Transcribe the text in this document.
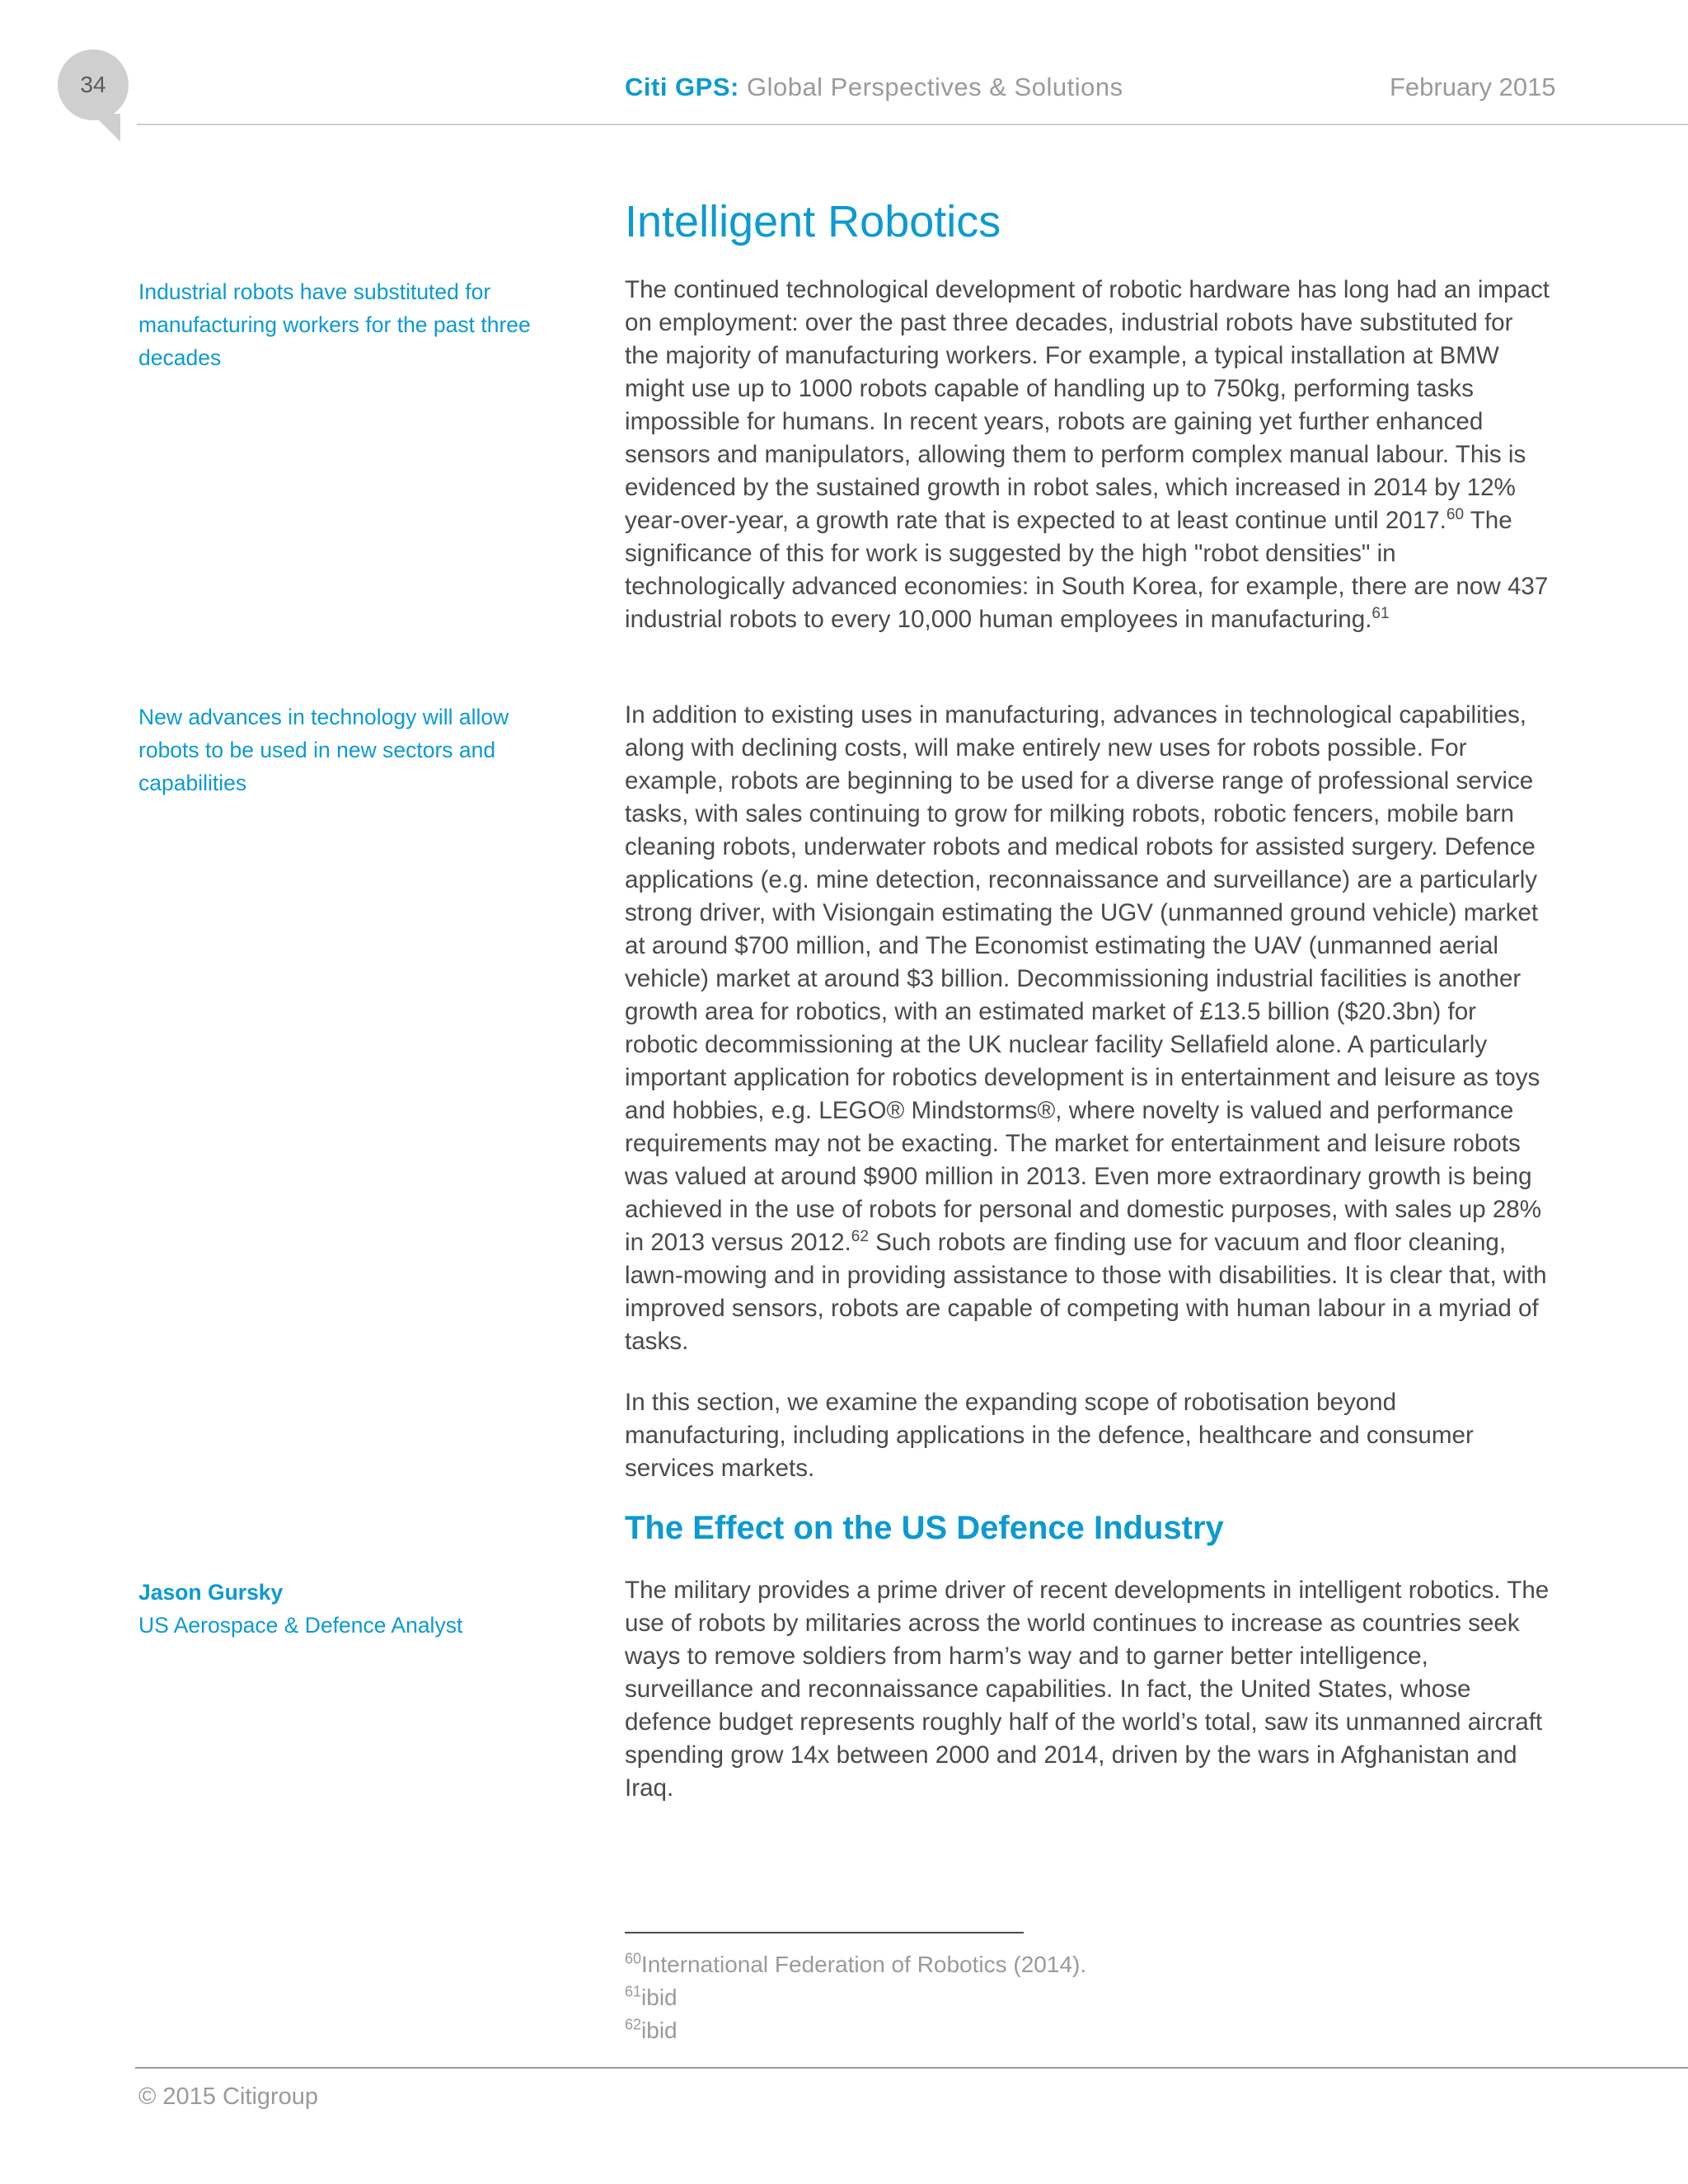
34	Citi GPS: Global Perspectives & Solutions	February 2015
Intelligent Robotics

Industrial robots have substituted for manufacturing workers for the past three decades

The continued technological development of robotic hardware has long had an impact on employment: over the past three decades, industrial robots have substituted for the majority of manufacturing workers. For example, a typical installation at BMW might use up to 1000 robots capable of handling up to 750kg, performing tasks impossible for humans. In recent years, robots are gaining yet further enhanced sensors and manipulators, allowing them to perform complex manual labour. This is evidenced by the sustained growth in robot sales, which increased in 2014 by 12% year-over-year, a growth rate that is expected to at least continue until 2017.60 The significance of this for work is suggested by the high "robot densities" in technologically advanced economies: in South Korea, for example, there are now 437 industrial robots to every 10,000 human employees in manufacturing.$^{61}$

New advances in technology will allow robots to be used in new sectors and capabilities

In addition to existing uses in manufacturing, advances in technological capabilities, along with declining costs, will make entirely new uses for robots possible. For example, robots are beginning to be used for a diverse range of professional service tasks, with sales continuing to grow for milking robots, robotic fencers, mobile barn cleaning robots, underwater robots and medical robots for assisted surgery. Defence applications (e.g. mine detection, reconnaissance and surveillance) are a particularly strong driver, with Visiongain estimating the UGV (unmanned ground vehicle) market at around $700 million, and The Economist estimating the UAV (unmanned aerial vehicle) market at around $3 billion. Decommissioning industrial facilities is another growth area for robotics, with an estimated market of £13.5 billion ($20.3bn) for robotic decommissioning at the UK nuclear facility Sellafield alone. A particularly important application for robotics development is in entertainment and leisure as toys and hobbies, e.g. LEGO® Mindstorms®, where novelty is valued and performance requirements may not be exacting. The market for entertainment and leisure robots was valued at around $900 million in 2013. Even more extraordinary growth is being achieved in the use of robots for personal and domestic purposes, with sales up 28% in 2013 versus 2012.62 Such robots are finding use for vacuum and floor cleaning, lawn-mowing and in providing assistance to those with disabilities. It is clear that, with improved sensors, robots are capable of competing with human labour in a myriad of tasks.

In this section, we examine the expanding scope of robotisation beyond manufacturing, including applications in the defence, healthcare and consumer services markets.

The Effect on the US Defence Industry
Jason Gursky
US Aerospace & Defence Analyst

The military provides a prime driver of recent developments in intelligent robotics. The use of robots by militaries across the world continues to increase as countries seek ways to remove soldiers from harm’s way and to garner better intelligence, surveillance and reconnaissance capabilities. In fact, the United States, whose defence budget represents roughly half of the world’s total, saw its unmanned aircraft spending grow 14x between 2000 and 2014, driven by the wars in Afghanistan and Iraq.

$^{60}$International Federation of Robotics (2014).
$^{61}$ibid
$^{62}$ibid
© 2015 Citigroup
